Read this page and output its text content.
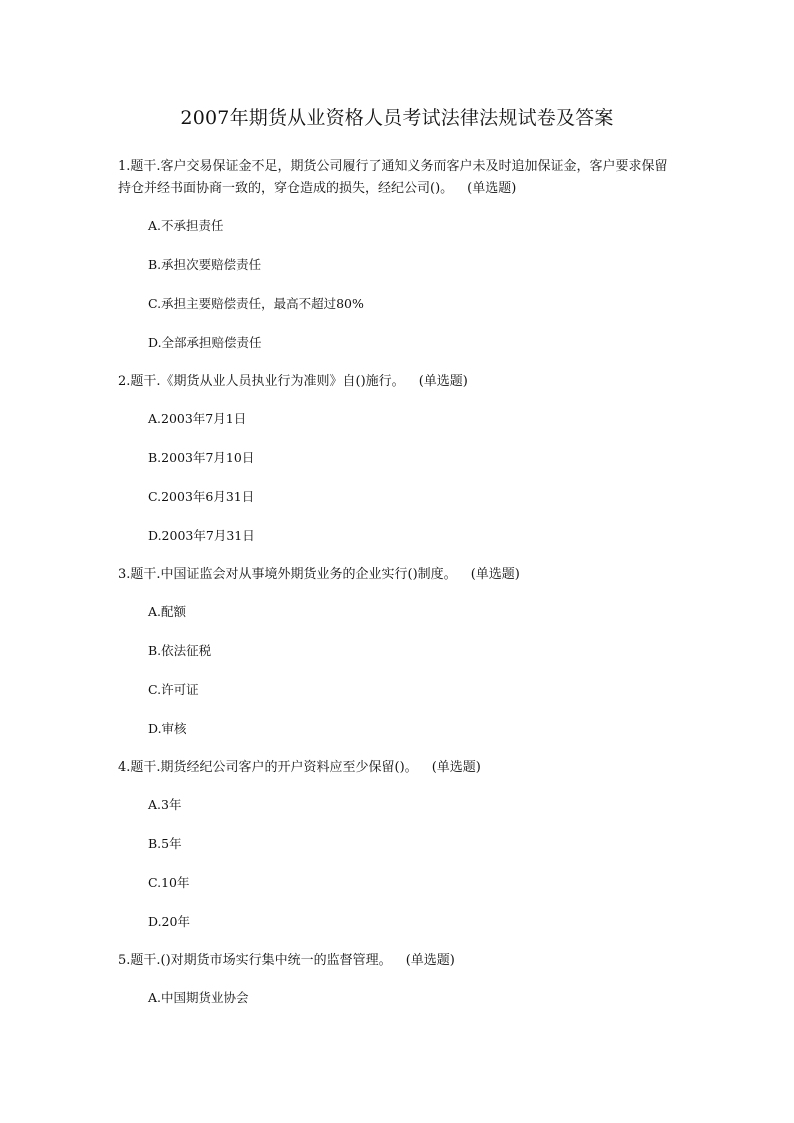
2007年期货从业资格人员考试法律法规试卷及答案
1.题干.客户交易保证金不足，期货公司履行了通知义务而客户未及时追加保证金，客户要求保留持仓并经书面协商一致的，穿仓造成的损失，经纪公司()。 (单选题)
A.不承担责任
B.承担次要赔偿责任
C.承担主要赔偿责任，最高不超过80%
D.全部承担赔偿责任
2.题干.《期货从业人员执业行为准则》自()施行。 (单选题)
A.2003年7月1日
B.2003年7月10日
C.2003年6月31日
D.2003年7月31日
3.题干.中国证监会对从事境外期货业务的企业实行()制度。 (单选题)
A.配额
B.依法征税
C.许可证
D.审核
4.题干.期货经纪公司客户的开户资料应至少保留()。 (单选题)
A.3年
B.5年
C.10年
D.20年
5.题干.()对期货市场实行集中统一的监督管理。 (单选题)
A.中国期货业协会
